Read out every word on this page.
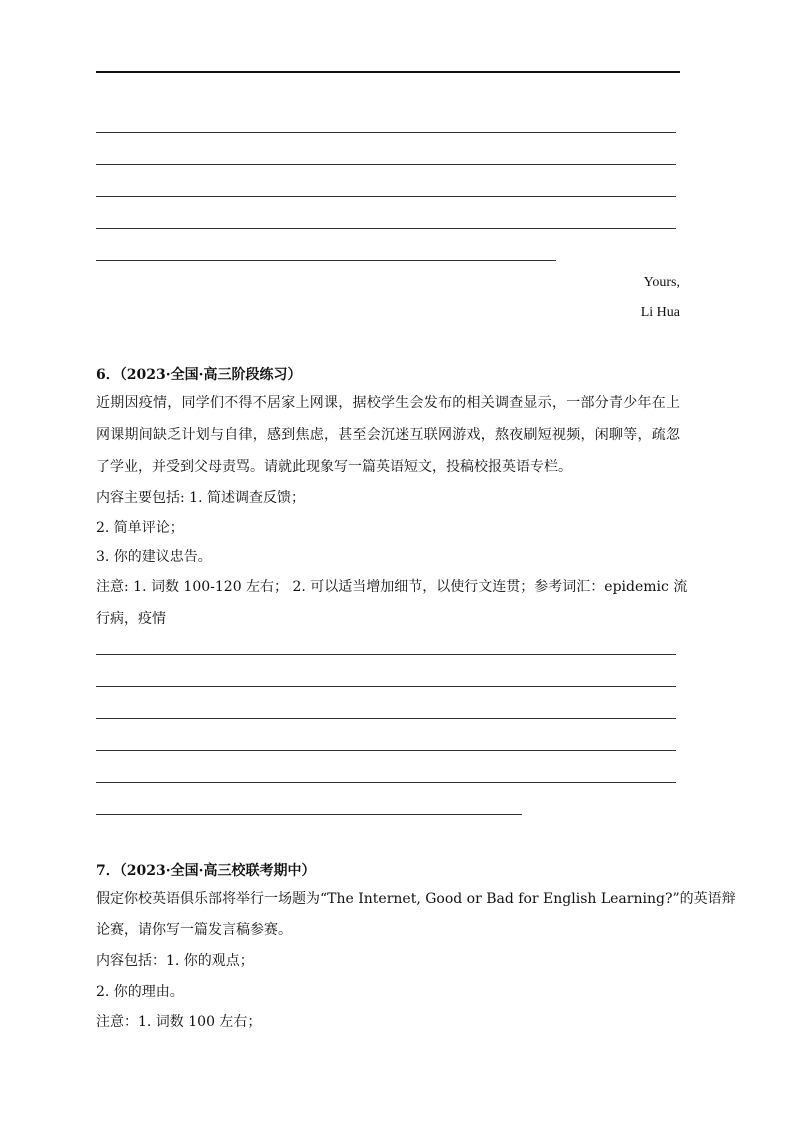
Yours,
Li Hua
6．（2023·全国·高三阶段练习）
近期因疫情，同学们不得不居家上网课，据校学生会发布的相关调查显示，一部分青少年在上
网课期间缺乏计划与自律，感到焦虑，甚至会沉迷互联网游戏，熬夜刷短视频，闲聊等，疏忽
了学业，并受到父母责骂。请就此现象写一篇英语短文，投稿校报英语专栏。
内容主要包括: 1. 简述调查反馈；
2. 简单评论；
3. 你的建议忠告。
注意: 1. 词数 100-120 左右； 2. 可以适当增加细节，以使行文连贯；参考词汇：epidemic 流
行病，疫情
7．（2023·全国·高三校联考期中）
假定你校英语俱乐部将举行一场题为“The Internet, Good or Bad for English Learning?”的英语辩
论赛，请你写一篇发言稿参赛。
内容包括：1. 你的观点；
2. 你的理由。
注意：1. 词数 100 左右；
